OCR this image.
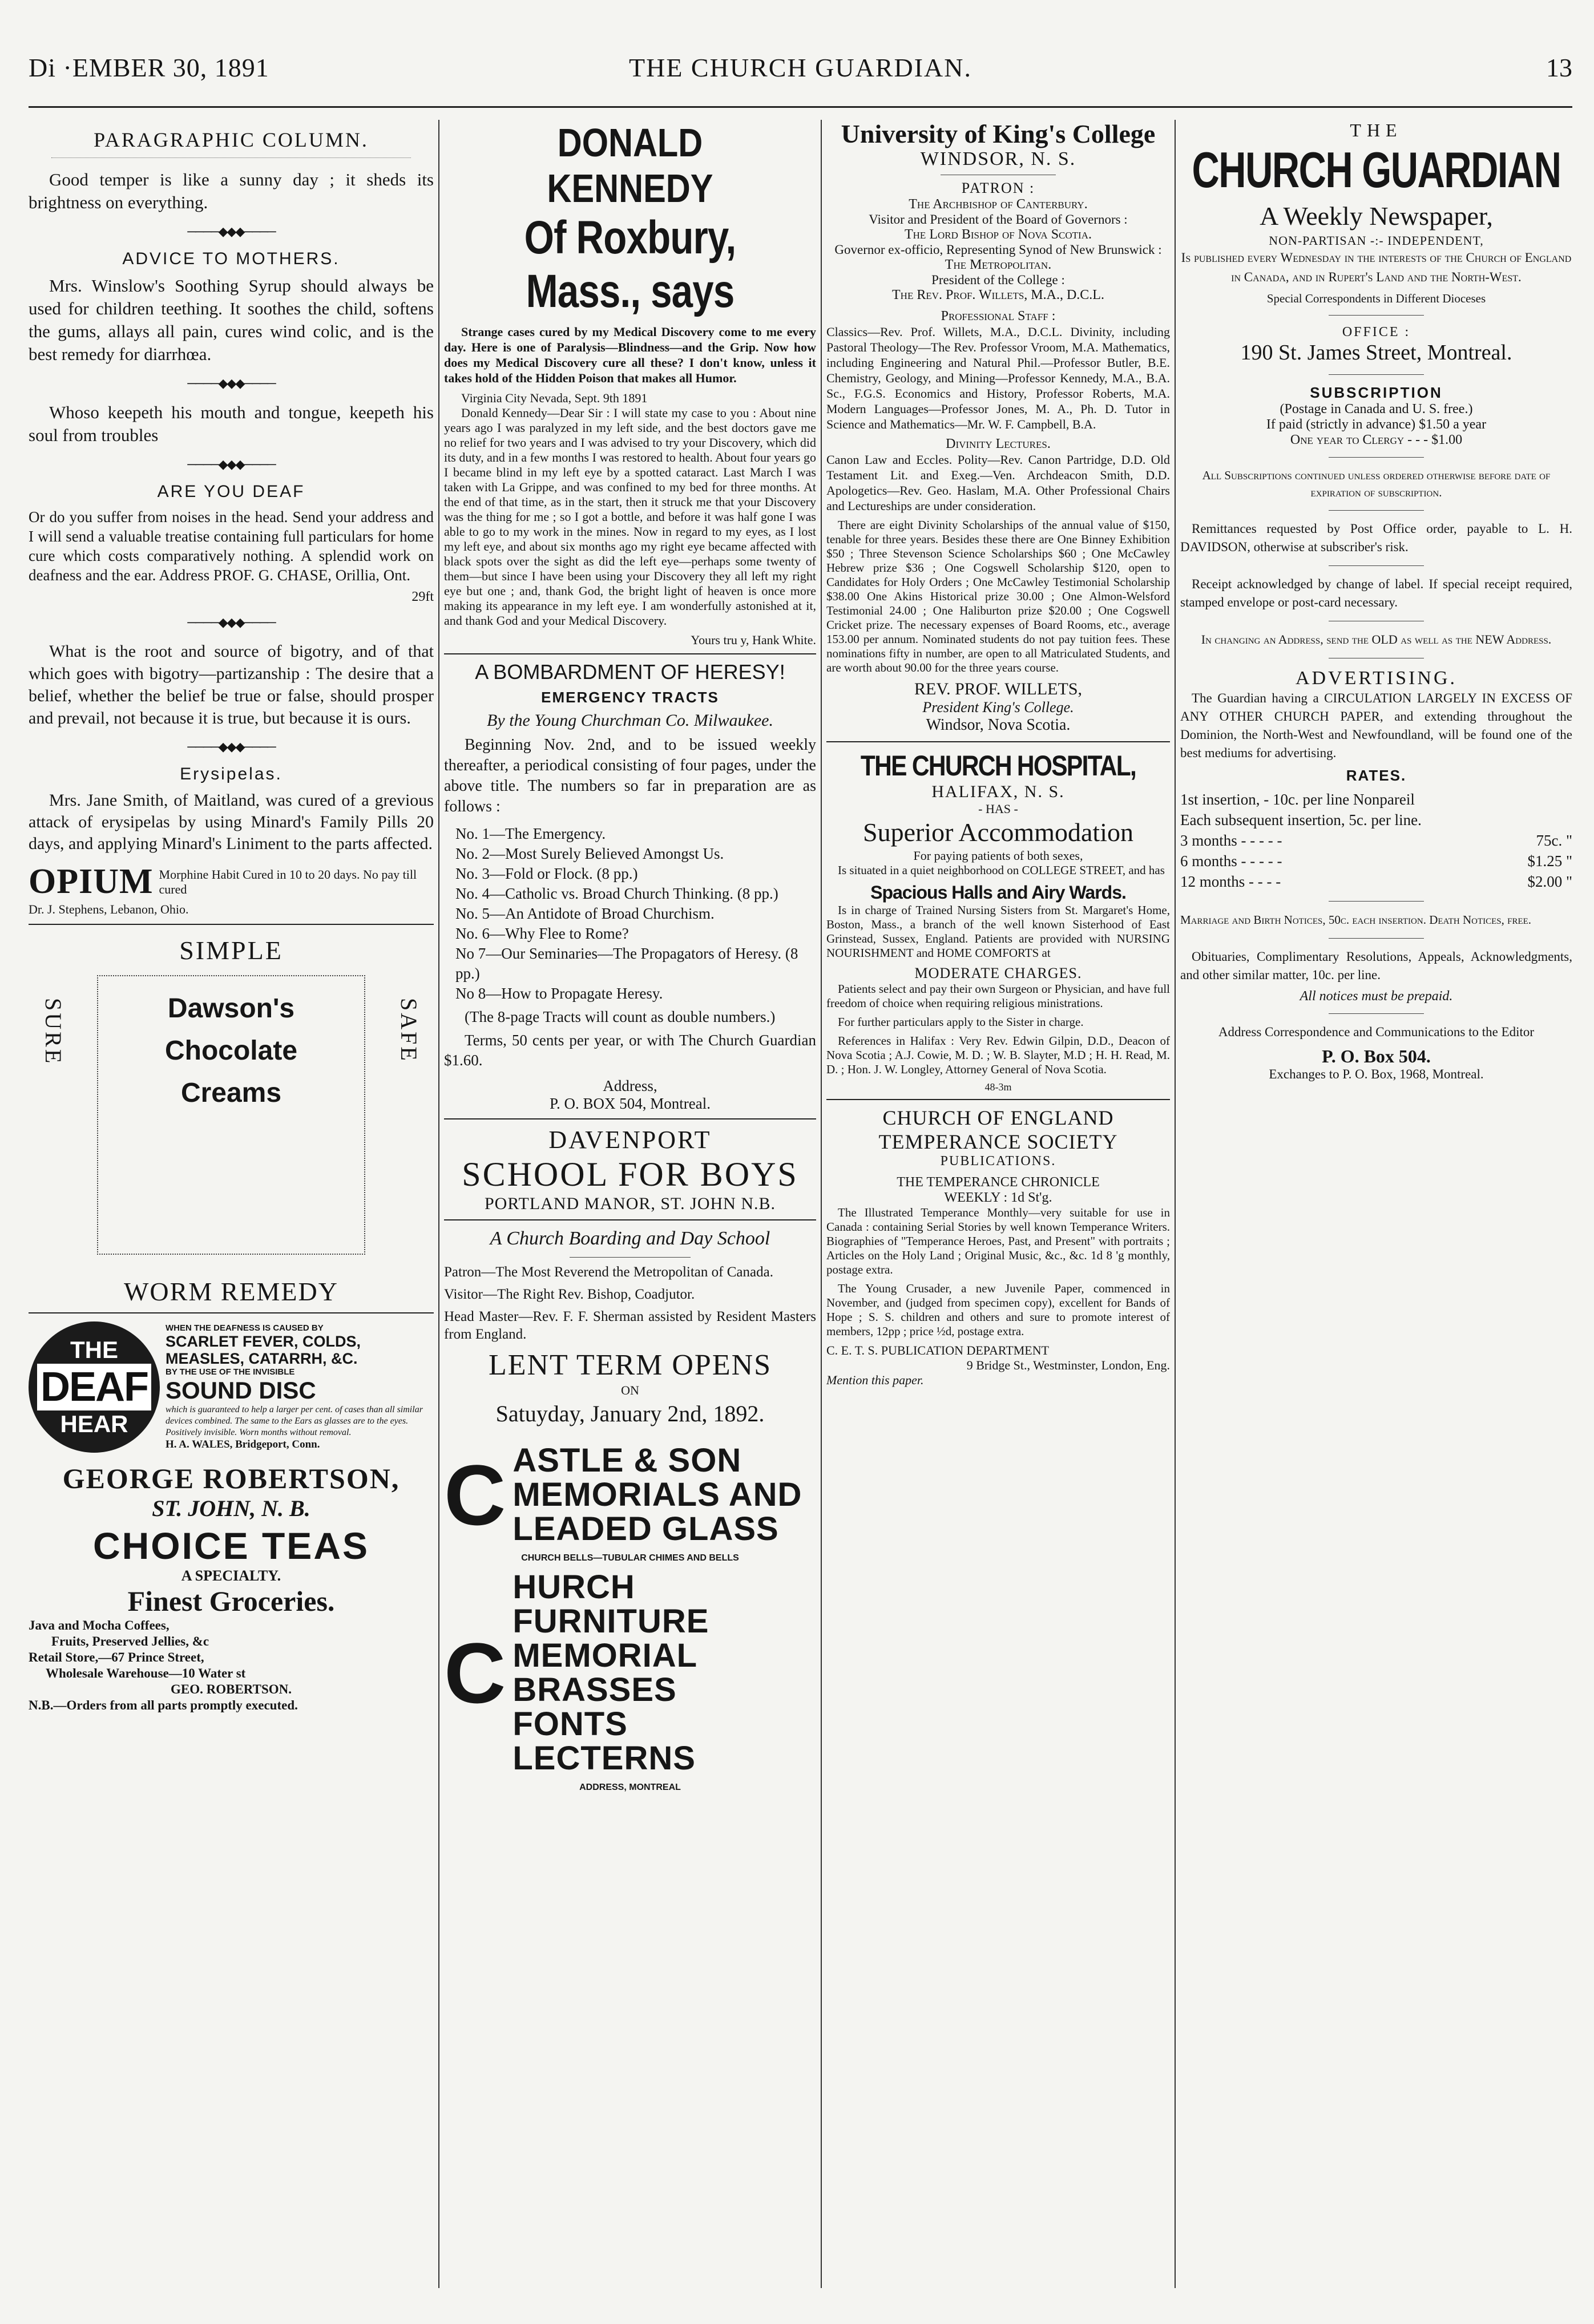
Di ·EMBER 30, 1891	THE CHURCH GUARDIAN.	13
PARAGRAPHIC COLUMN.

Good temper is like a sunny day ; it sheds its brightness on everything.

────◆◆◆────
ADVICE TO MOTHERS.

Mrs. Winslow's Soothing Syrup should always be used for children teething. It soothes the child, softens the gums, allays all pain, cures wind colic, and is the best remedy for diarrhœa.

────◆◆◆────

Whoso keepeth his mouth and tongue, keepeth his soul from troubles

────◆◆◆────
ARE YOU DEAF

Or do you suffer from noises in the head. Send your address and I will send a valuable treatise containing full particulars for home cure which costs comparatively nothing. A splendid work on deafness and the ear. Address PROF. G. CHASE, Orillia, Ont.

29ft
────◆◆◆────

What is the root and source of bigotry, and of that which goes with bigotry—partizanship : The desire that a belief, whether the belief be true or false, should prosper and prevail, not because it is true, but because it is ours.

────◆◆◆────
Erysipelas.

Mrs. Jane Smith, of Maitland, was cured of a grevious attack of erysipelas by using Minard's Family Pills 20 days, and applying Minard's Liniment to the parts affected.

OPIUM Morphine Habit Cured in 10 to 20 days. No pay till cured
Dr. J. Stephens, Lebanon, Ohio.
SIMPLE
SURE	SAFE
Dawson's
Chocolate
Creams
WORM REMEDY
THE
DEAF
HEAR
WHEN THE DEAFNESS IS CAUSED BY
SCARLET FEVER, COLDS,
MEASLES, CATARRH, &C.
BY THE USE OF THE INVISIBLE
SOUND DISC
which is guaranteed to help a larger per cent. of cases than all similar devices combined. The same to the Ears as glasses are to the eyes. Positively invisible. Worn months without removal.
H. A. WALES, Bridgeport, Conn.
GEORGE ROBERTSON,
ST. JOHN, N. B.
CHOICE TEAS
A SPECIALTY.
Finest Groceries.
Java and Mocha Coffees,
Fruits, Preserved Jellies, &c
Retail Store,—67 Prince Street,
Wholesale Warehouse—10 Water st
GEO. ROBERTSON.
N.B.—Orders from all parts promptly executed.
DONALD KENNEDY
Of Roxbury, Mass., says

Strange cases cured by my Medical Discovery come to me every day. Here is one of Paralysis—Blindness—and the Grip. Now how does my Medical Discovery cure all these? I don't know, unless it takes hold of the Hidden Poison that makes all Humor.

Virginia City Nevada, Sept. 9th 1891

Donald Kennedy—Dear Sir : I will state my case to you : About nine years ago I was paralyzed in my left side, and the best doctors gave me no relief for two years and I was advised to try your Discovery, which did its duty, and in a few months I was restored to health. About four years go I became blind in my left eye by a spotted cataract. Last March I was taken with La Grippe, and was confined to my bed for three months. At the end of that time, as in the start, then it struck me that your Discovery was the thing for me ; so I got a bottle, and before it was half gone I was able to go to my work in the mines. Now in regard to my eyes, as I lost my left eye, and about six months ago my right eye became affected with black spots over the sight as did the left eye—perhaps some twenty of them—but since I have been using your Discovery they all left my right eye but one ; and, thank God, the bright light of heaven is once more making its appearance in my left eye. I am wonderfully astonished at it, and thank God and your Medical Discovery.

Yours tru y, Hank White.
A BOMBARDMENT OF HERESY!
EMERGENCY TRACTS
By the Young Churchman Co. Milwaukee.

Beginning Nov. 2nd, and to be issued weekly thereafter, a periodical consisting of four pages, under the above title. The numbers so far in preparation are as follows :

No. 1—The Emergency.
No. 2—Most Surely Believed Amongst Us.
No. 3—Fold or Flock. (8 pp.)
No. 4—Catholic vs. Broad Church Thinking. (8 pp.)
No. 5—An Antidote of Broad Churchism.
No. 6—Why Flee to Rome?
No 7—Our Seminaries—The Propagators of Heresy. (8 pp.)
No 8—How to Propagate Heresy.

(The 8-page Tracts will count as double numbers.)

Terms, 50 cents per year, or with The Church Guardian $1.60.

Address,
P. O. BOX 504, Montreal.
DAVENPORT
SCHOOL FOR BOYS
PORTLAND MANOR, ST. JOHN N.B.
A Church Boarding and Day School

Patron—The Most Reverend the Metropolitan of Canada.

Visitor—The Right Rev. Bishop, Coadjutor.

Head Master—Rev. F. F. Sherman assisted by Resident Masters from England.

LENT TERM OPENS
ON
Satuyday, January 2nd, 1892.
C ASTLE & SON
MEMORIALS AND
LEADED GLASS
CHURCH BELLS—TUBULAR CHIMES AND BELLS
C
HURCH FURNITURE
MEMORIAL BRASSES
FONTS LECTERNS
ADDRESS, MONTREAL
University of King's College
WINDSOR, N. S.
PATRON :
The Archbishop of Canterbury.
Visitor and President of the Board of Governors :
The Lord Bishop of Nova Scotia.
Governor ex-officio, Representing Synod of New Brunswick :
The Metropolitan.
President of the College :
The Rev. Prof. Willets, M.A., D.C.L.
Professional Staff :

Classics—Rev. Prof. Willets, M.A., D.C.L. Divinity, including Pastoral Theology—The Rev. Professor Vroom, M.A. Mathematics, including Engineering and Natural Phil.—Professor Butler, B.E. Chemistry, Geology, and Mining—Professor Kennedy, M.A., B.A. Sc., F.G.S. Economics and History, Professor Roberts, M.A. Modern Languages—Professor Jones, M. A., Ph. D. Tutor in Science and Mathematics—Mr. W. F. Campbell, B.A.

Divinity Lectures.

Canon Law and Eccles. Polity—Rev. Canon Partridge, D.D. Old Testament Lit. and Exeg.—Ven. Archdeacon Smith, D.D. Apologetics—Rev. Geo. Haslam, M.A. Other Professional Chairs and Lectureships are under consideration.

There are eight Divinity Scholarships of the annual value of $150, tenable for three years. Besides these there are One Binney Exhibition $50 ; Three Stevenson Science Scholarships $60 ; One McCawley Hebrew prize $36 ; One Cogswell Scholarship $120, open to Candidates for Holy Orders ; One McCawley Testimonial Scholarship $38.00 One Akins Historical prize 30.00 ; One Almon-Welsford Testimonial 24.00 ; One Haliburton prize $20.00 ; One Cogswell Cricket prize. The necessary expenses of Board Rooms, etc., average 153.00 per annum. Nominated students do not pay tuition fees. These nominations fifty in number, are open to all Matriculated Students, and are worth about 90.00 for the three years course.

REV. PROF. WILLETS,
President King's College.
Windsor, Nova Scotia.
THE CHURCH HOSPITAL,
HALIFAX, N. S.
- HAS -
Superior Accommodation
For paying patients of both sexes,

Is situated in a quiet neighborhood on COLLEGE STREET, and has

Spacious Halls and Airy Wards.

Is in charge of Trained Nursing Sisters from St. Margaret's Home, Boston, Mass., a branch of the well known Sisterhood of East Grinstead, Sussex, England. Patients are provided with NURSING NOURISHMENT and HOME COMFORTS at

MODERATE CHARGES.

Patients select and pay their own Surgeon or Physician, and have full freedom of choice when requiring religious ministrations.

For further particulars apply to the Sister in charge.

References in Halifax : Very Rev. Edwin Gilpin, D.D., Deacon of Nova Scotia ; A.J. Cowie, M. D. ; W. B. Slayter, M.D ; H. H. Read, M. D. ; Hon. J. W. Longley, Attorney General of Nova Scotia.

48-3m
CHURCH OF ENGLAND
TEMPERANCE SOCIETY
PUBLICATIONS.
THE TEMPERANCE CHRONICLE
WEEKLY : 1d St'g.

The Illustrated Temperance Monthly—very suitable for use in Canada : containing Serial Stories by well known Temperance Writers. Biographies of "Temperance Heroes, Past, and Present" with portraits ; Articles on the Holy Land ; Original Music, &c., &c. 1d 8 'g monthly, postage extra.

The Young Crusader, a new Juvenile Paper, commenced in November, and (judged from specimen copy), excellent for Bands of Hope ; S. S. children and others and sure to promote interest of members, 12pp ; price ½d, postage extra.

C. E. T. S. PUBLICATION DEPARTMENT
9 Bridge St., Westminster, London, Eng.
Mention this paper.
THE
CHURCH GUARDIAN
A Weekly Newspaper,
NON-PARTISAN -:- INDEPENDENT,

Is published every Wednesday in the interests of the Church of England in Canada, and in Rupert's Land and the North-West.

Special Correspondents in Different Dioceses
OFFICE :
190 St. James Street, Montreal.
SUBSCRIPTION
(Postage in Canada and U. S. free.)
If paid (strictly in advance) $1.50 a year
One year to Clergy - - - $1.00

All Subscriptions continued unless ordered otherwise before date of expiration of subscription.

Remittances requested by Post Office order, payable to L. H. DAVIDSON, otherwise at subscriber's risk.

Receipt acknowledged by change of label. If special receipt required, stamped envelope or post-card necessary.

In changing an Address, send the OLD as well as the NEW Address.

ADVERTISING.

The Guardian having a CIRCULATION LARGELY IN EXCESS OF ANY OTHER CHURCH PAPER, and extending throughout the Dominion, the North-West and Newfoundland, will be found one of the best mediums for advertising.

RATES.
1st insertion, - 10c. per line Nonpareil
Each subsequent insertion, 5c. per line.
3 months - - - - -	75c. "
6 months - - - - -	$1.25 "
12 months - - - -	$2.00 "

Marriage and Birth Notices, 50c. each insertion. Death Notices, free.

Obituaries, Complimentary Resolutions, Appeals, Acknowledgments, and other similar matter, 10c. per line.

All notices must be prepaid.

Address Correspondence and Communications to the Editor

P. O. Box 504.
Exchanges to P. O. Box, 1968, Montreal.
